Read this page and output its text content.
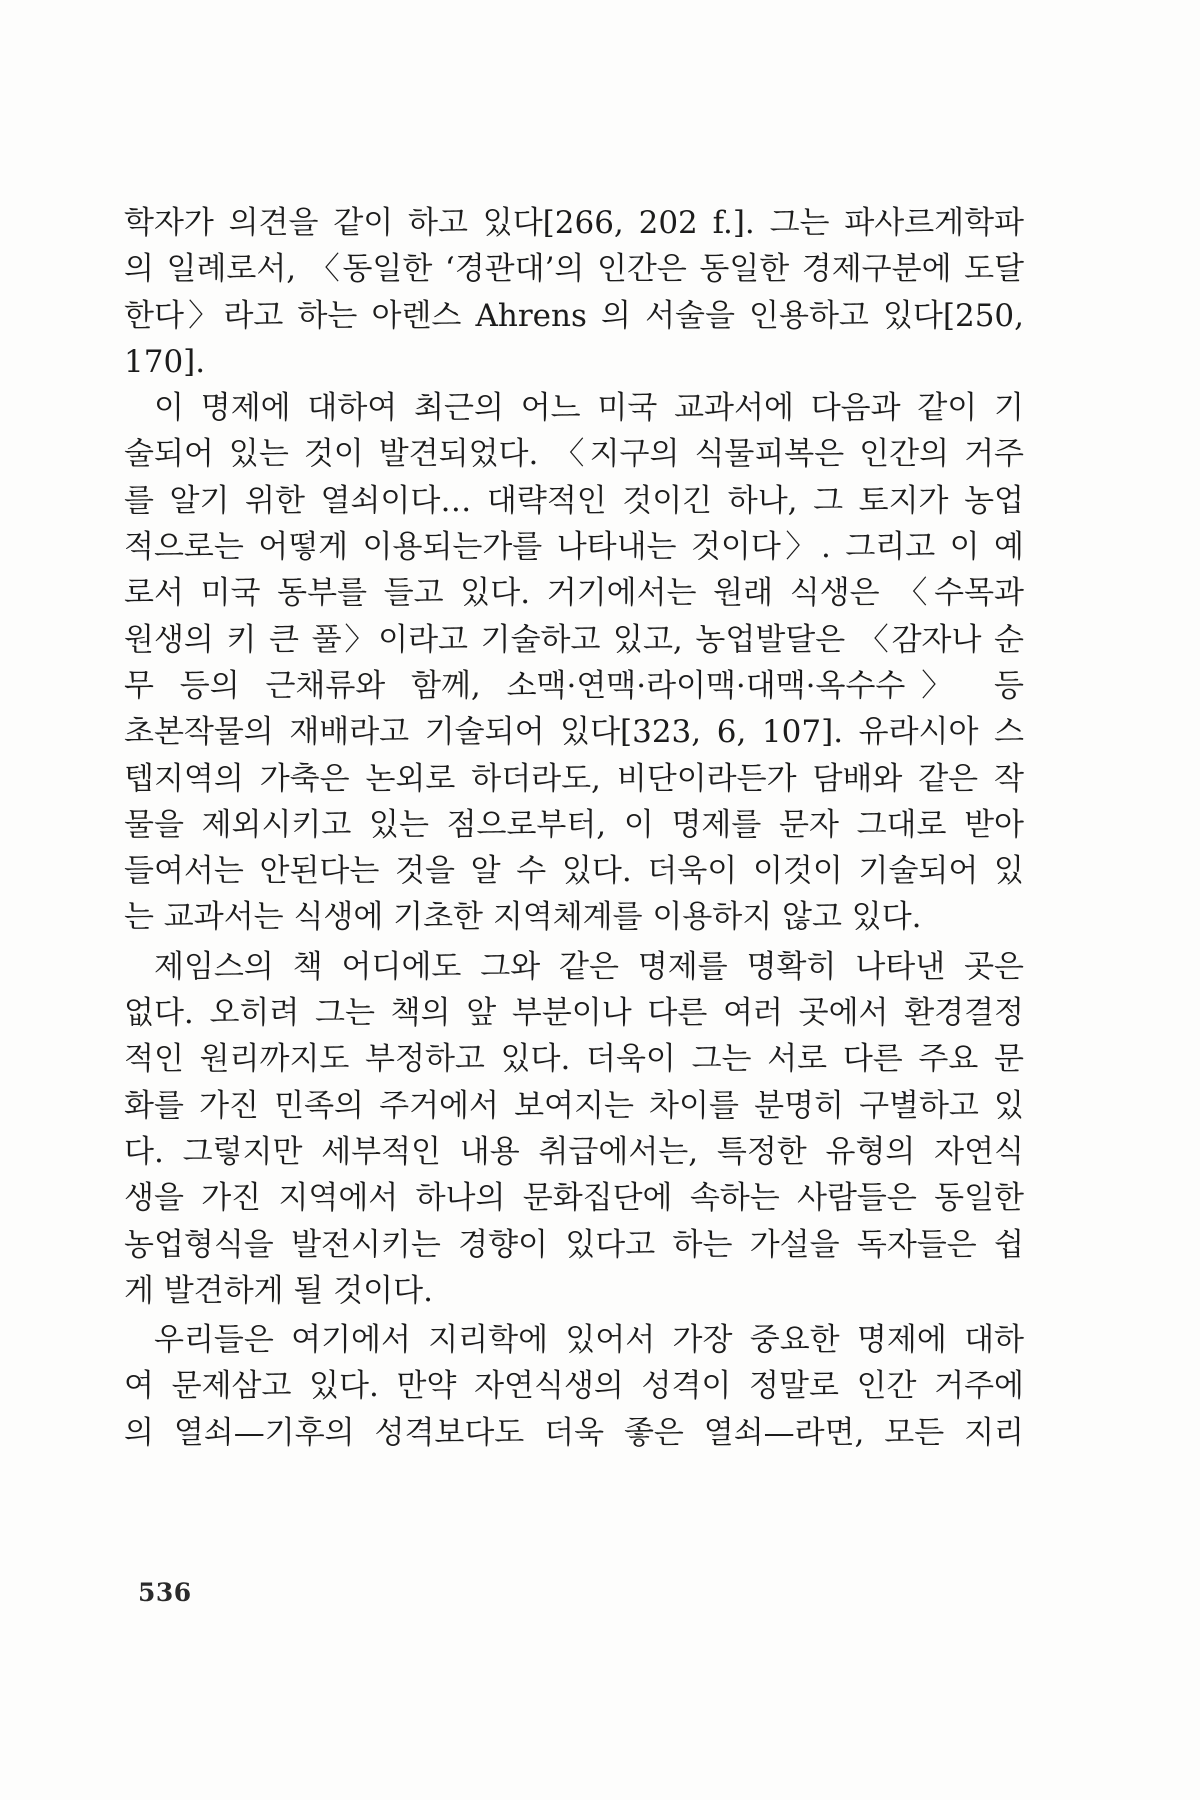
학자가 의견을 같이 하고 있다[266, 202 f.]. 그는 파사르게학파
의 일례로서, 〈동일한 ‘경관대’의 인간은 동일한 경제구분에 도달
한다〉라고 하는 아렌스 Ahrens 의 서술을 인용하고 있다[250,
170].
이 명제에 대하여 최근의 어느 미국 교과서에 다음과 같이 기
술되어 있는 것이 발견되었다. 〈지구의 식물피복은 인간의 거주
를 알기 위한 열쇠이다… 대략적인 것이긴 하나, 그 토지가 농업
적으로는 어떻게 이용되는가를 나타내는 것이다〉. 그리고 이 예
로서 미국 동부를 들고 있다. 거기에서는 원래 식생은 〈수목과
원생의 키 큰 풀〉이라고 기술하고 있고, 농업발달은 〈감자나 순
무 등의 근채류와 함께, 소맥·연맥·라이맥·대맥·옥수수〉 등
초본작물의 재배라고 기술되어 있다[323, 6, 107]. 유라시아 스
텝지역의 가축은 논외로 하더라도, 비단이라든가 담배와 같은 작
물을 제외시키고 있는 점으로부터, 이 명제를 문자 그대로 받아
들여서는 안된다는 것을 알 수 있다. 더욱이 이것이 기술되어 있
는 교과서는 식생에 기초한 지역체계를 이용하지 않고 있다.
제임스의 책 어디에도 그와 같은 명제를 명확히 나타낸 곳은
없다. 오히려 그는 책의 앞 부분이나 다른 여러 곳에서 환경결정
적인 원리까지도 부정하고 있다. 더욱이 그는 서로 다른 주요 문
화를 가진 민족의 주거에서 보여지는 차이를 분명히 구별하고 있
다. 그렇지만 세부적인 내용 취급에서는, 특정한 유형의 자연식
생을 가진 지역에서 하나의 문화집단에 속하는 사람들은 동일한
농업형식을 발전시키는 경향이 있다고 하는 가설을 독자들은 쉽
게 발견하게 될 것이다.
우리들은 여기에서 지리학에 있어서 가장 중요한 명제에 대하
여 문제삼고 있다. 만약 자연식생의 성격이 정말로 인간 거주에
의 열쇠—기후의 성격보다도 더욱 좋은 열쇠—라면, 모든 지리
536
